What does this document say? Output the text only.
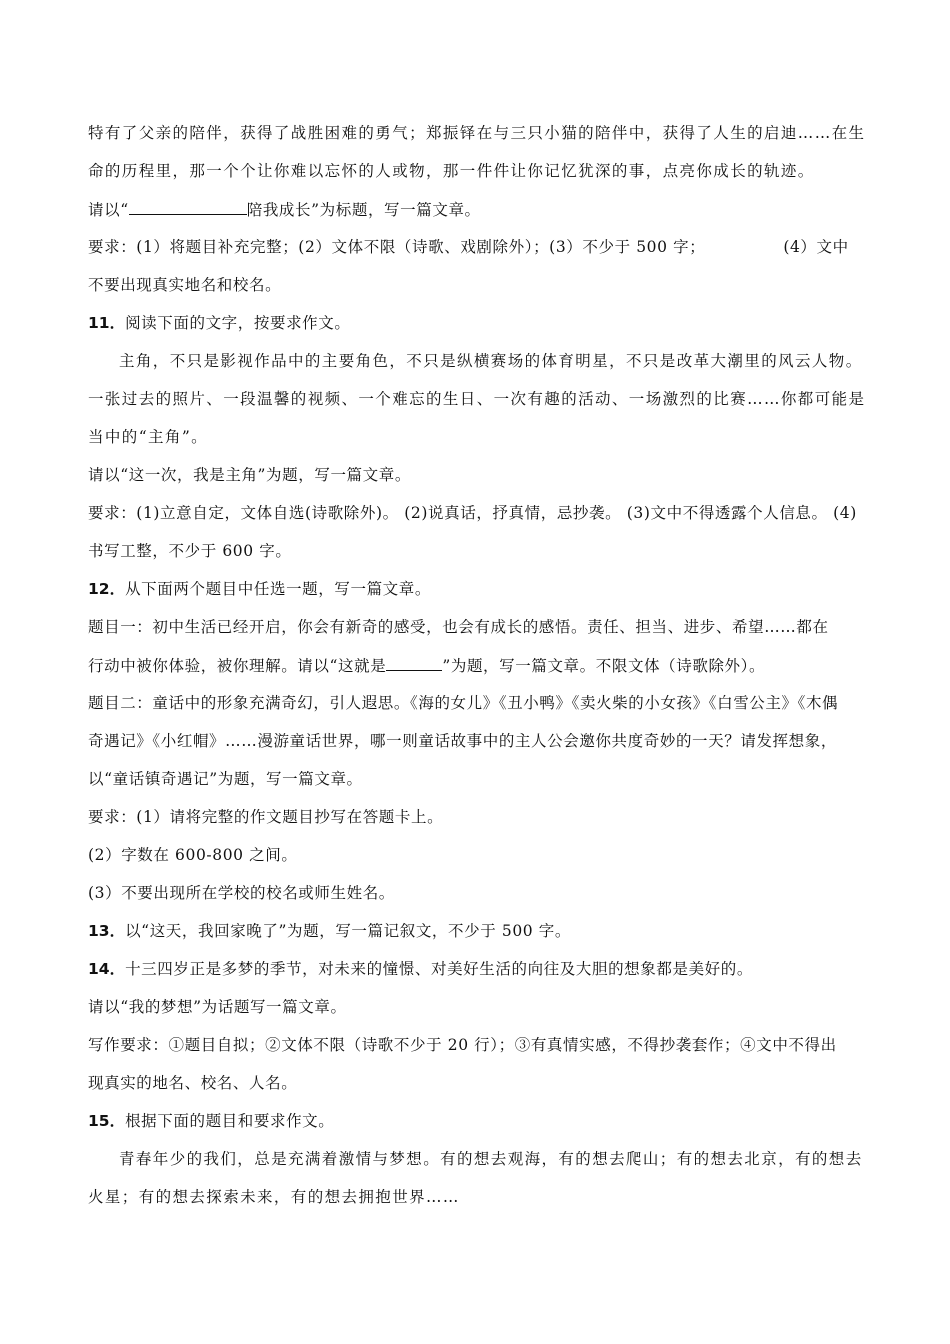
特有了父亲的陪伴，获得了战胜困难的勇气；郑振铎在与三只小猫的陪伴中，获得了人生的启迪……在生
命的历程里，那一个个让你难以忘怀的人或物，那一件件让你记忆犹深的事，点亮你成长的轨迹。
请以“	陪我成长”为标题，写一篇文章。
要求：(1）将题目补充完整；(2）文体不限（诗歌、戏剧除外）；(3）不少于 500 字；	(4）文中
不要出现真实地名和校名。
11．阅读下面的文字，按要求作文。
主角，不只是影视作品中的主要角色，不只是纵横赛场的体育明星，不只是改革大潮里的风云人物。
一张过去的照片、一段温馨的视频、一个难忘的生日、一次有趣的活动、一场激烈的比赛……你都可能是
当中的“主角”。
请以“这一次，我是主角”为题，写一篇文章。
要求：(1)立意自定，文体自选(诗歌除外)。 (2)说真话，抒真情，忌抄袭。 (3)文中不得透露个人信息。 (4)
书写工整，不少于 600 字。
12．从下面两个题目中任选一题，写一篇文章。
题目一：初中生活已经开启，你会有新奇的感受，也会有成长的感悟。责任、担当、进步、希望……都在
行动中被你体验，被你理解。请以“这就是	”为题，写一篇文章。不限文体（诗歌除外）。
题目二：童话中的形象充满奇幻，引人遐思。《海的女儿》《丑小鸭》《卖火柴的小女孩》《白雪公主》《木偶
奇遇记》《小红帽》……漫游童话世界，哪一则童话故事中的主人公会邀你共度奇妙的一天？请发挥想象，
以“童话镇奇遇记”为题，写一篇文章。
要求：(1）请将完整的作文题目抄写在答题卡上。
(2）字数在 600-800 之间。
(3）不要出现所在学校的校名或师生姓名。
13．以“这天，我回家晚了”为题，写一篇记叙文，不少于 500 字。
14．十三四岁正是多梦的季节，对未来的憧憬、对美好生活的向往及大胆的想象都是美好的。
请以“我的梦想”为话题写一篇文章。
写作要求：①题目自拟；②文体不限（诗歌不少于 20 行）；③有真情实感，不得抄袭套作；④文中不得出
现真实的地名、校名、人名。
15．根据下面的题目和要求作文。
青春年少的我们，总是充满着激情与梦想。有的想去观海，有的想去爬山；有的想去北京，有的想去
火星；有的想去探索未来，有的想去拥抱世界……
